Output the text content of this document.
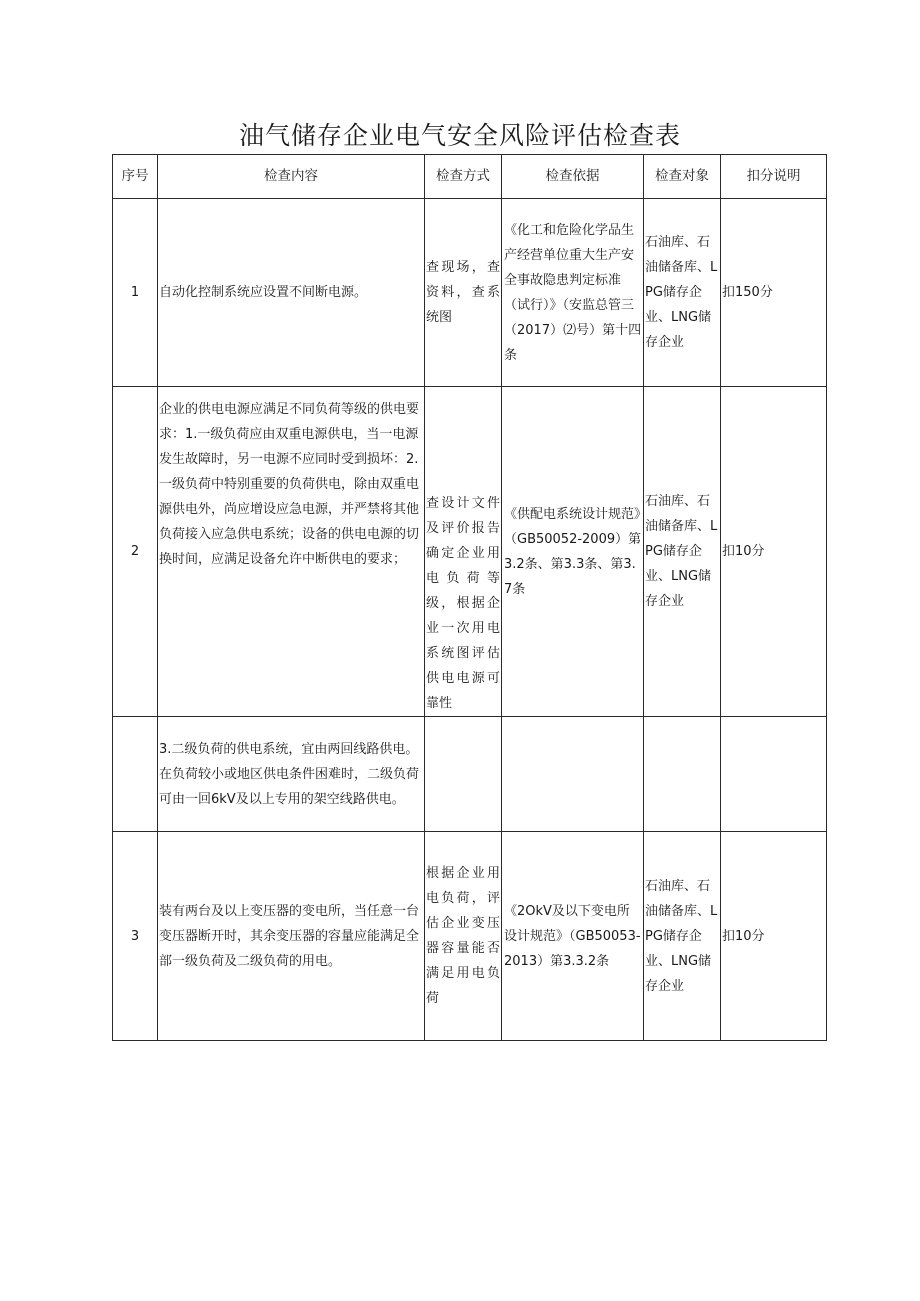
油气储存企业电气安全风险评估检查表
序号	检查内容	检查方式	检查依据	检查对象	扣分说明
1	自动化控制系统应设置不间断电源。	查现场，查资料，查系统图	《化工和危险化学品生产经营单位重大生产安全事故隐患判定标准（试行）》（安监总管三（2017）⑵号）第十四条	石油库、石油储备库、LPG储存企业、LNG储存企业	扣150分
2	企业的供电电源应满足不同负荷等级的供电要求：1.一级负荷应由双重电源供电，当一电源发生故障时，另一电源不应同时受到损坏：2.一级负荷中特别重要的负荷供电，除由双重电源供电外，尚应增设应急电源，并严禁将其他负荷接入应急供电系统；设备的供电电源的切换时间，应满足设备允许中断供电的要求；	查设计文件及评价报告确定企业用电负荷等级，根据企业一次用电系统图评估供电电源可靠性	《供配电系统设计规范》（GB50052-2009）第3.2条、第3.3条、第3.7条	石油库、石油储备库、LPG储存企业、LNG储存企业	扣10分
	3.二级负荷的供电系统，宜由两回线路供电。在负荷较小或地区供电条件困难时，二级负荷可由一回6kV及以上专用的架空线路供电。				
3	装有两台及以上变压器的变电所，当任意一台变压器断开时，其余变压器的容量应能满足全部一级负荷及二级负荷的用电。	根据企业用电负荷，评估企业变压器容量能否满足用电负荷	《2OkV及以下变电所设计规范》（GB50053-2013）第3.3.2条	石油库、石油储备库、LPG储存企业、LNG储存企业	扣10分
